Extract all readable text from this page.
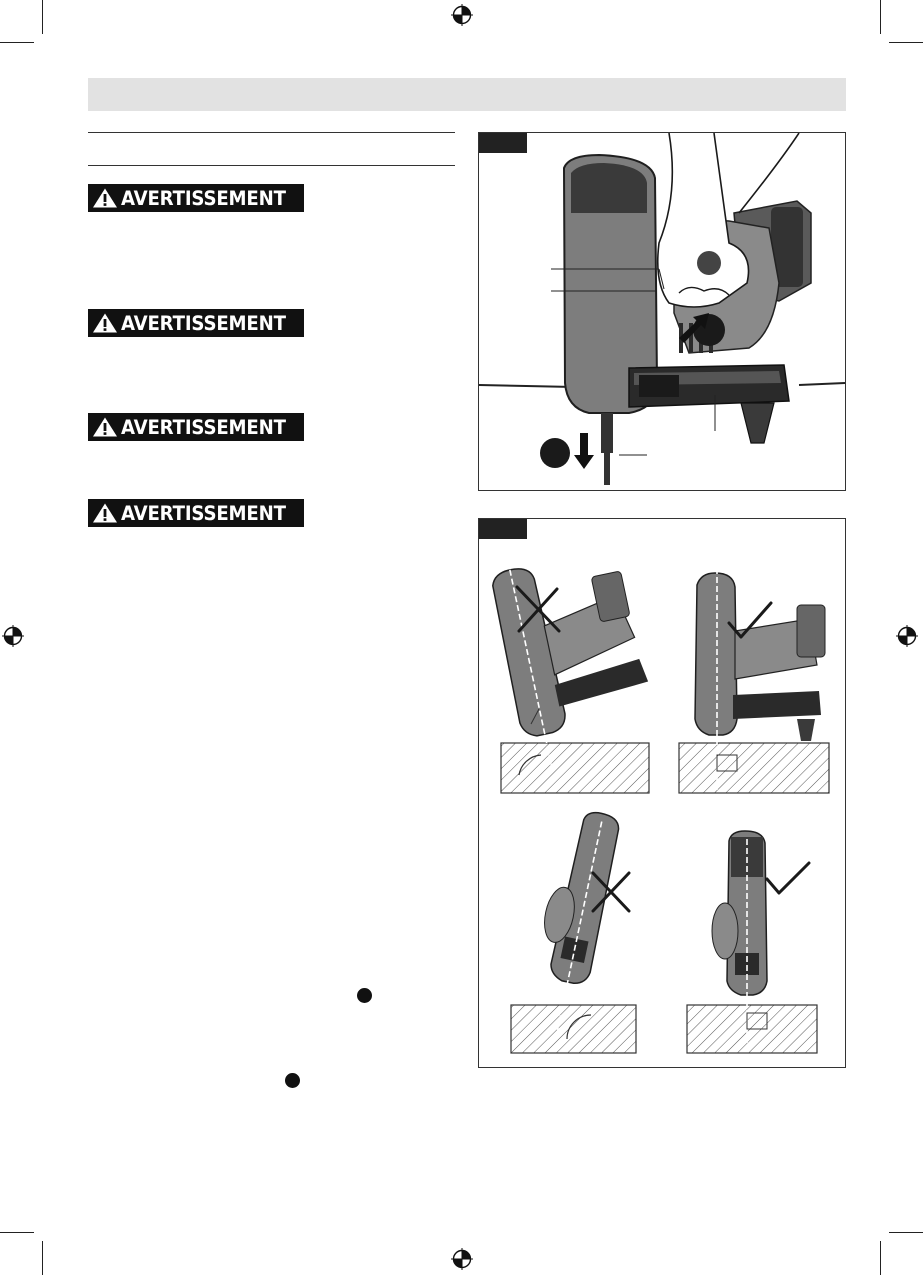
AVERTISSEMENT
AVERTISSEMENT
AVERTISSEMENT
AVERTISSEMENT
